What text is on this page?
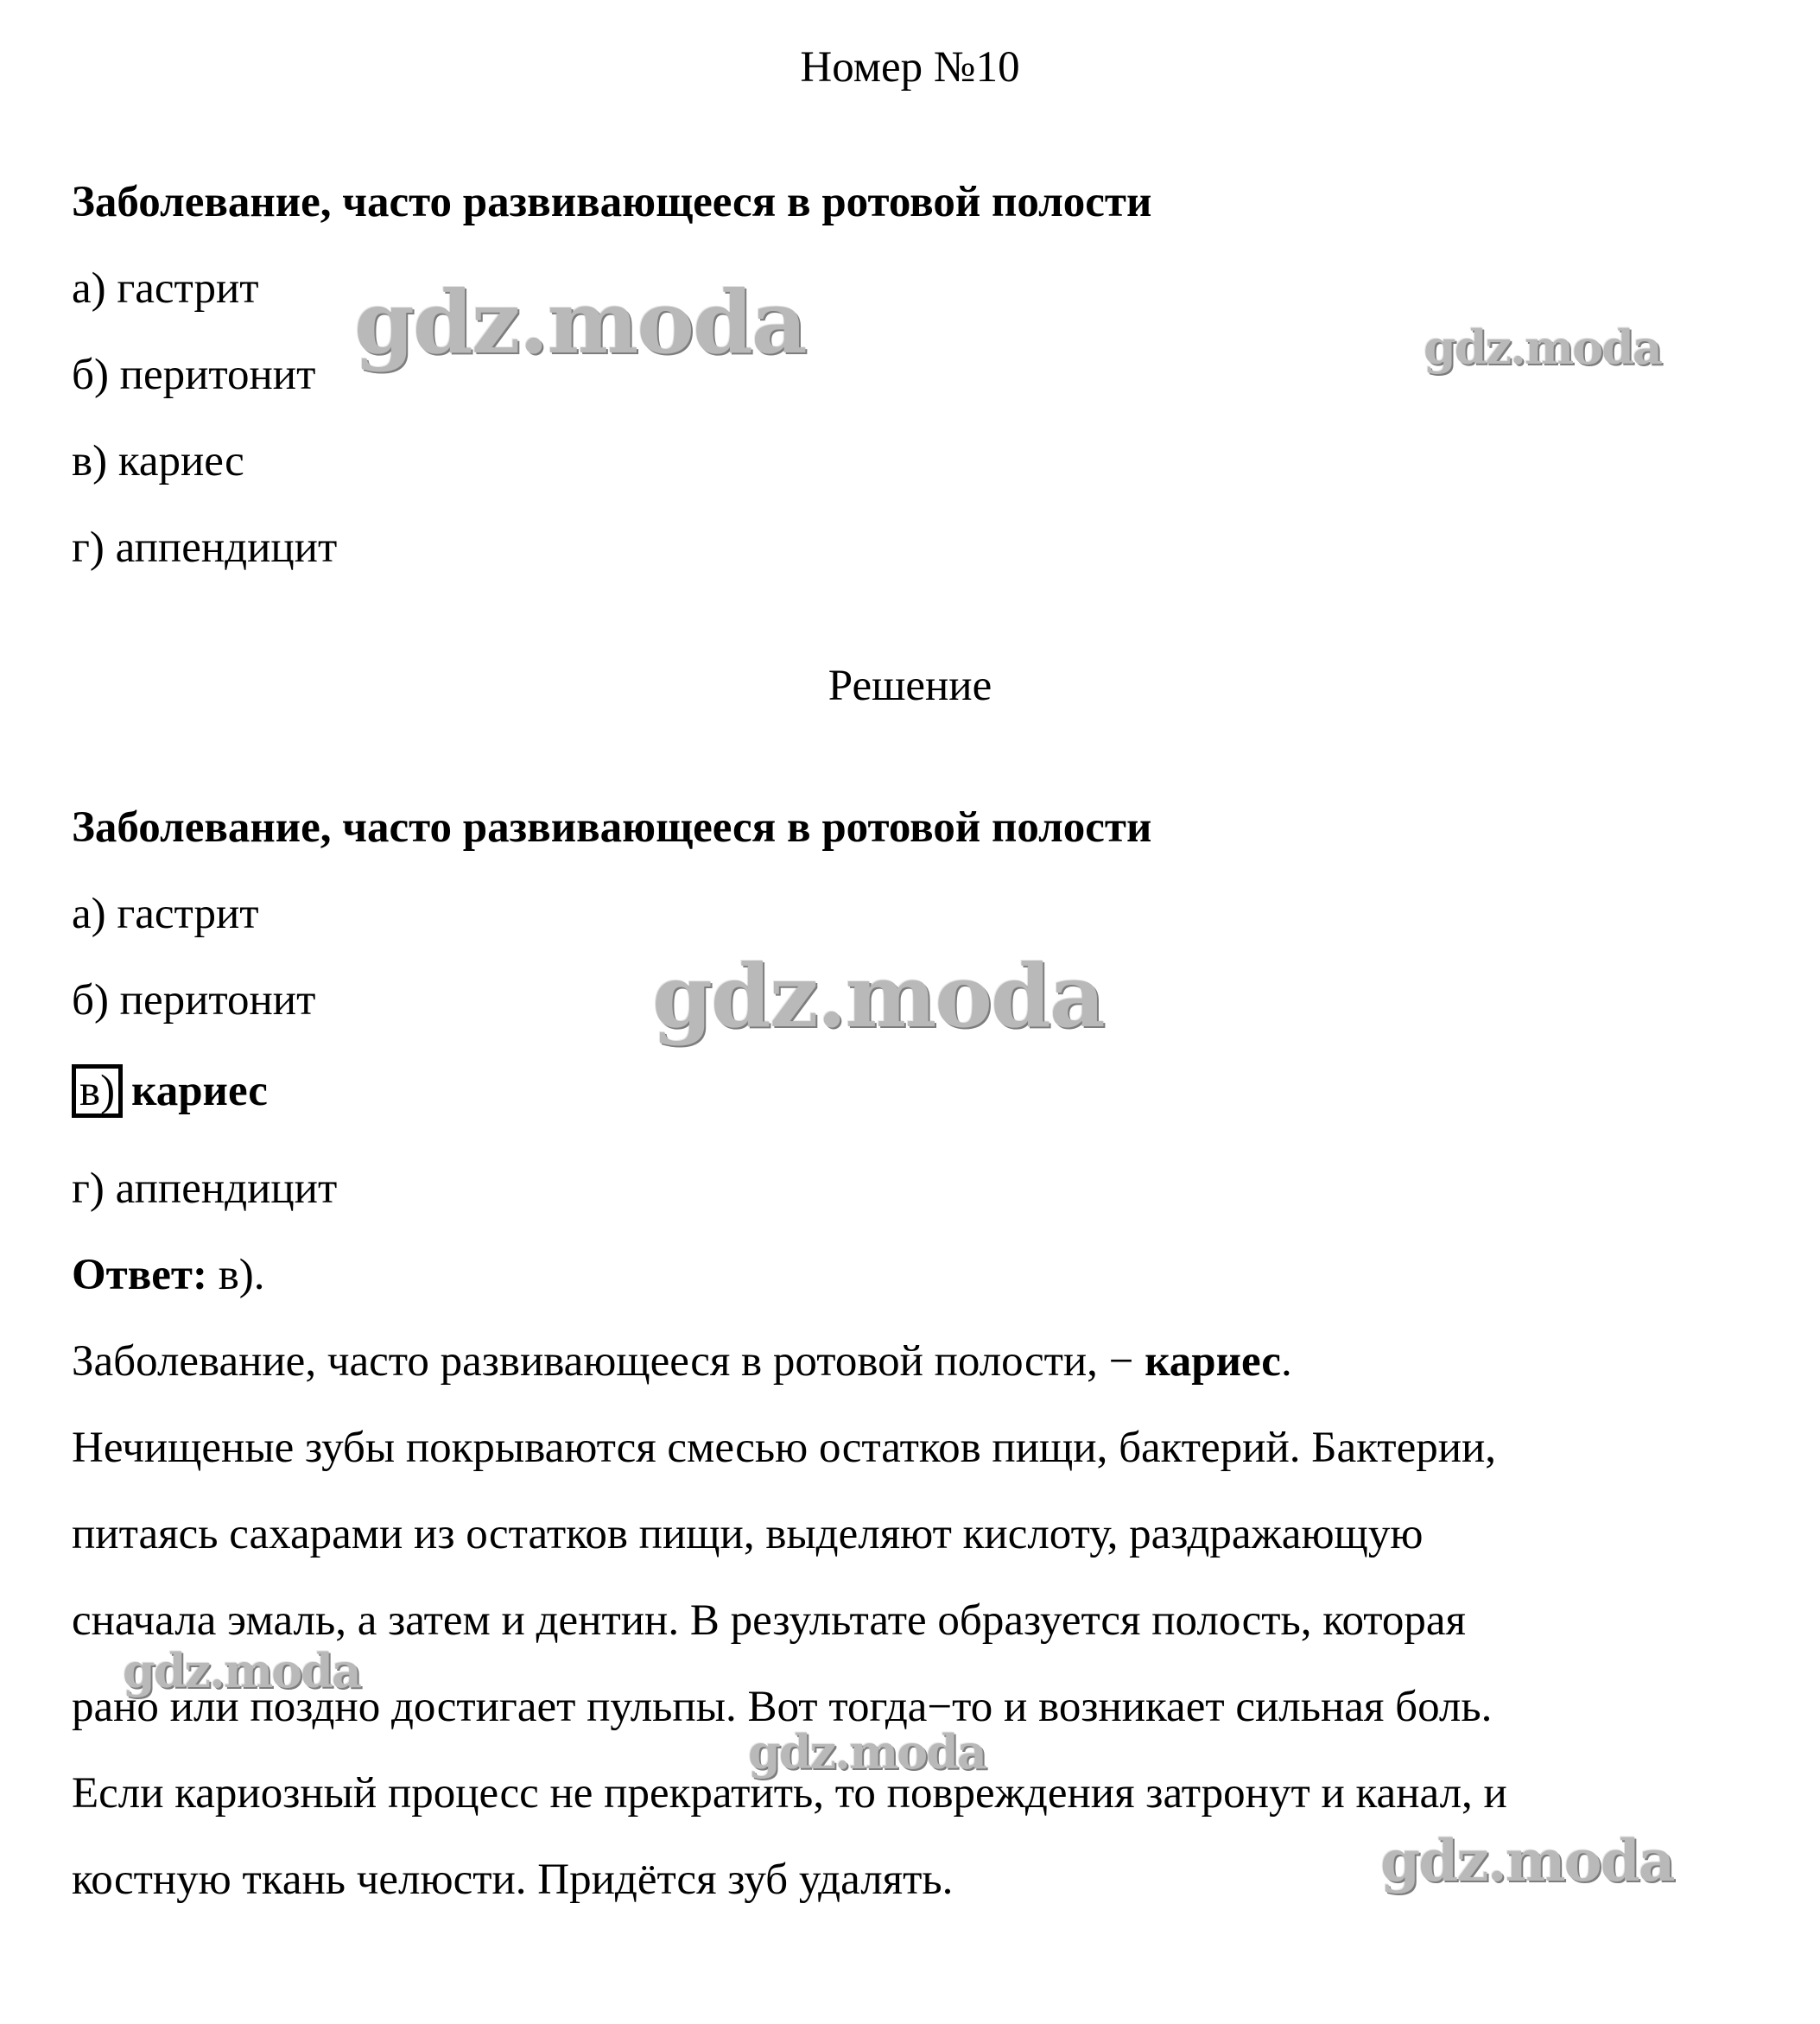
Номер №10
Заболевание, часто развивающееся в ротовой полости
а) гастрит
б) перитонит
в) кариес
г) аппендицит
Решение
Заболевание, часто развивающееся в ротовой полости
а) гастрит
б) перитонит
в) кариес
г) аппендицит
Ответ: в).
Заболевание, часто развивающееся в ротовой полости, − кариес.
Нечищеные зубы покрываются смесью остатков пищи, бактерий. Бактерии,
питаясь сахарами из остатков пищи, выделяют кислоту, раздражающую
сначала эмаль, а затем и дентин. В результате образуется полость, которая
рано или поздно достигает пульпы. Вот тогда−то и возникает сильная боль.
Если кариозный процесс не прекратить, то повреждения затронут и канал, и
костную ткань челюсти. Придётся зуб удалять.
gdz.moda	gdz.moda
gdz.moda
gdz.moda
gdz.moda
gdz.moda
